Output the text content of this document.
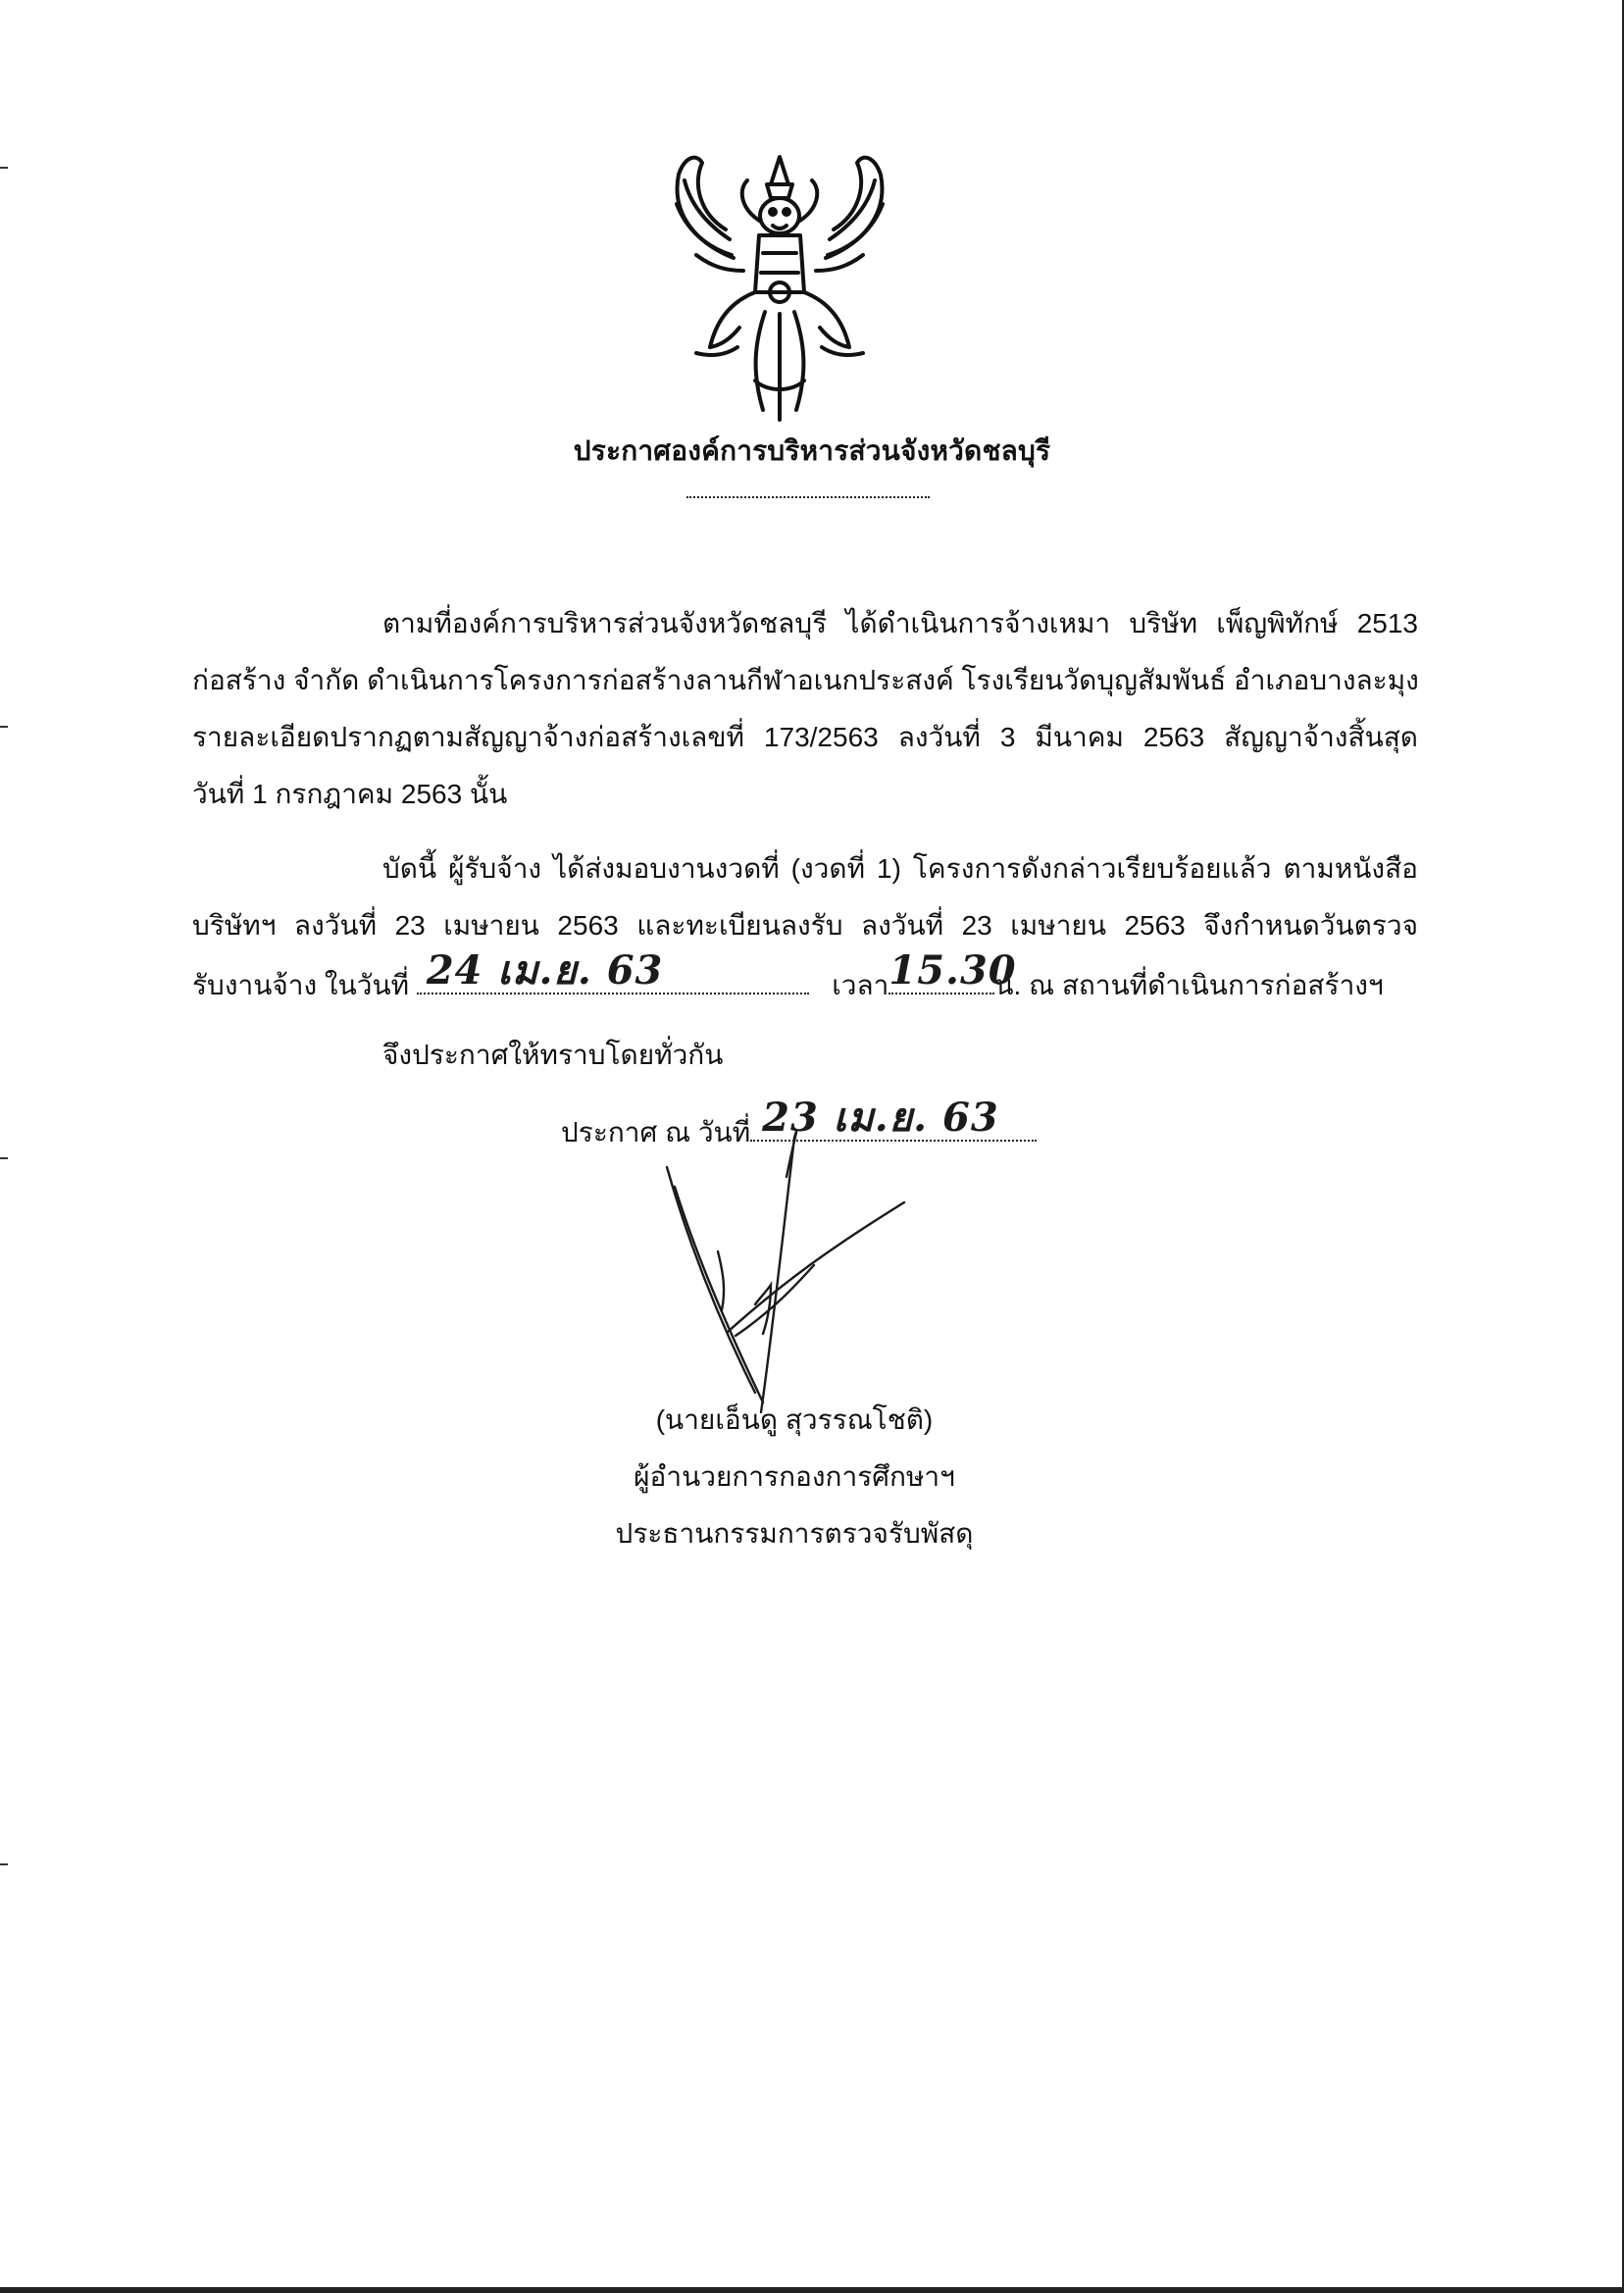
ประกาศองค์การบริหารส่วนจังหวัดชลบุรี
ตามที่องค์การบริหารส่วนจังหวัดชลบุรี ได้ดำเนินการจ้างเหมา บริษัท เพ็ญพิทักษ์ 2513
ก่อสร้าง จำกัด ดำเนินการโครงการก่อสร้างลานกีฬาอเนกประสงค์ โรงเรียนวัดบุญสัมพันธ์ อำเภอบางละมุง
รายละเอียดปรากฏตามสัญญาจ้างก่อสร้างเลขที่ 173/2563 ลงวันที่ 3 มีนาคม 2563 สัญญาจ้างสิ้นสุด
วันที่ 1 กรกฎาคม 2563 นั้น
บัดนี้ ผู้รับจ้าง ได้ส่งมอบงานงวดที่ (งวดที่ 1) โครงการดังกล่าวเรียบร้อยแล้ว ตามหนังสือ
บริษัทฯ ลงวันที่ 23 เมษายน 2563 และทะเบียนลงรับ ลงวันที่ 23 เมษายน 2563 จึงกำหนดวันตรวจ
รับงานจ้าง ในวันที่ 24 เม.ย. 63	เวลา 15.30
น. ณ สถานที่ดำเนินการก่อสร้างฯ
จึงประกาศให้ทราบโดยทั่วกัน
ประกาศ ณ วันที่ 23 เม.ย. 63
(นายเอ็นดู สุวรรณโชติ)
ผู้อำนวยการกองการศึกษาฯ
ประธานกรรมการตรวจรับพัสดุ
